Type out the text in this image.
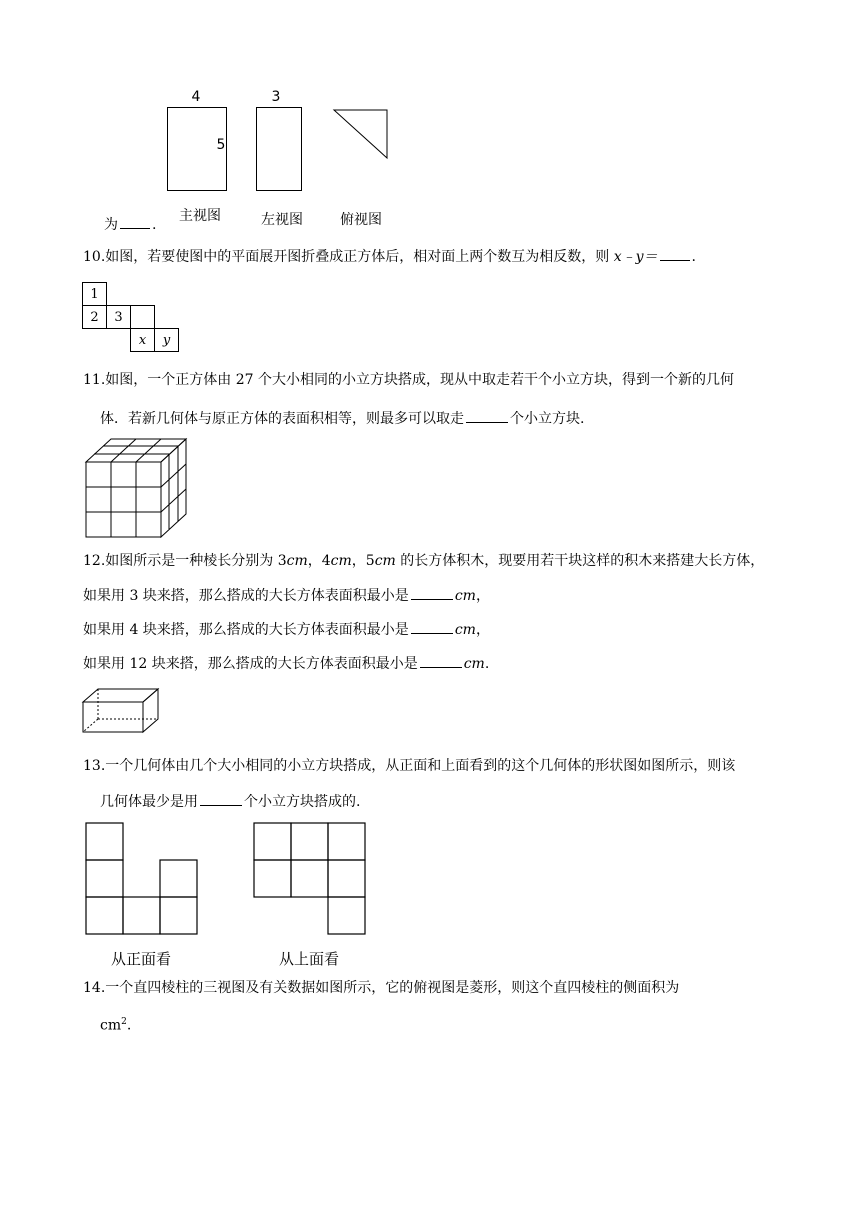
4	3
5
主视图	左视图	俯视图
为 .
10.如图，若要使图中的平面展开图折叠成正方体后，相对面上两个数互为相反数，则 x﹣y＝ .
1
2	3
x	y
11.如图，一个正方体由 27 个大小相同的小立方块搭成，现从中取走若干个小立方块，得到一个新的几何
体．若新几何体与原正方体的表面积相等，则最多可以取走	个小立方块.
12.如图所示是一种棱长分别为 3cm，4cm，5cm 的长方体积木，现要用若干块这样的积木来搭建大长方体，
如果用 3 块来搭，那么搭成的大长方体表面积最小是	cm，
如果用 4 块来搭，那么搭成的大长方体表面积最小是	cm，
如果用 12 块来搭，那么搭成的大长方体表面积最小是	cm.
13.一个几何体由几个大小相同的小立方块搭成，从正面和上面看到的这个几何体的形状图如图所示，则该
几何体最少是用	个小立方块搭成的.
从正面看	从上面看
14.一个直四棱柱的三视图及有关数据如图所示，它的俯视图是菱形，则这个直四棱柱的侧面积为
$cm^2$.
